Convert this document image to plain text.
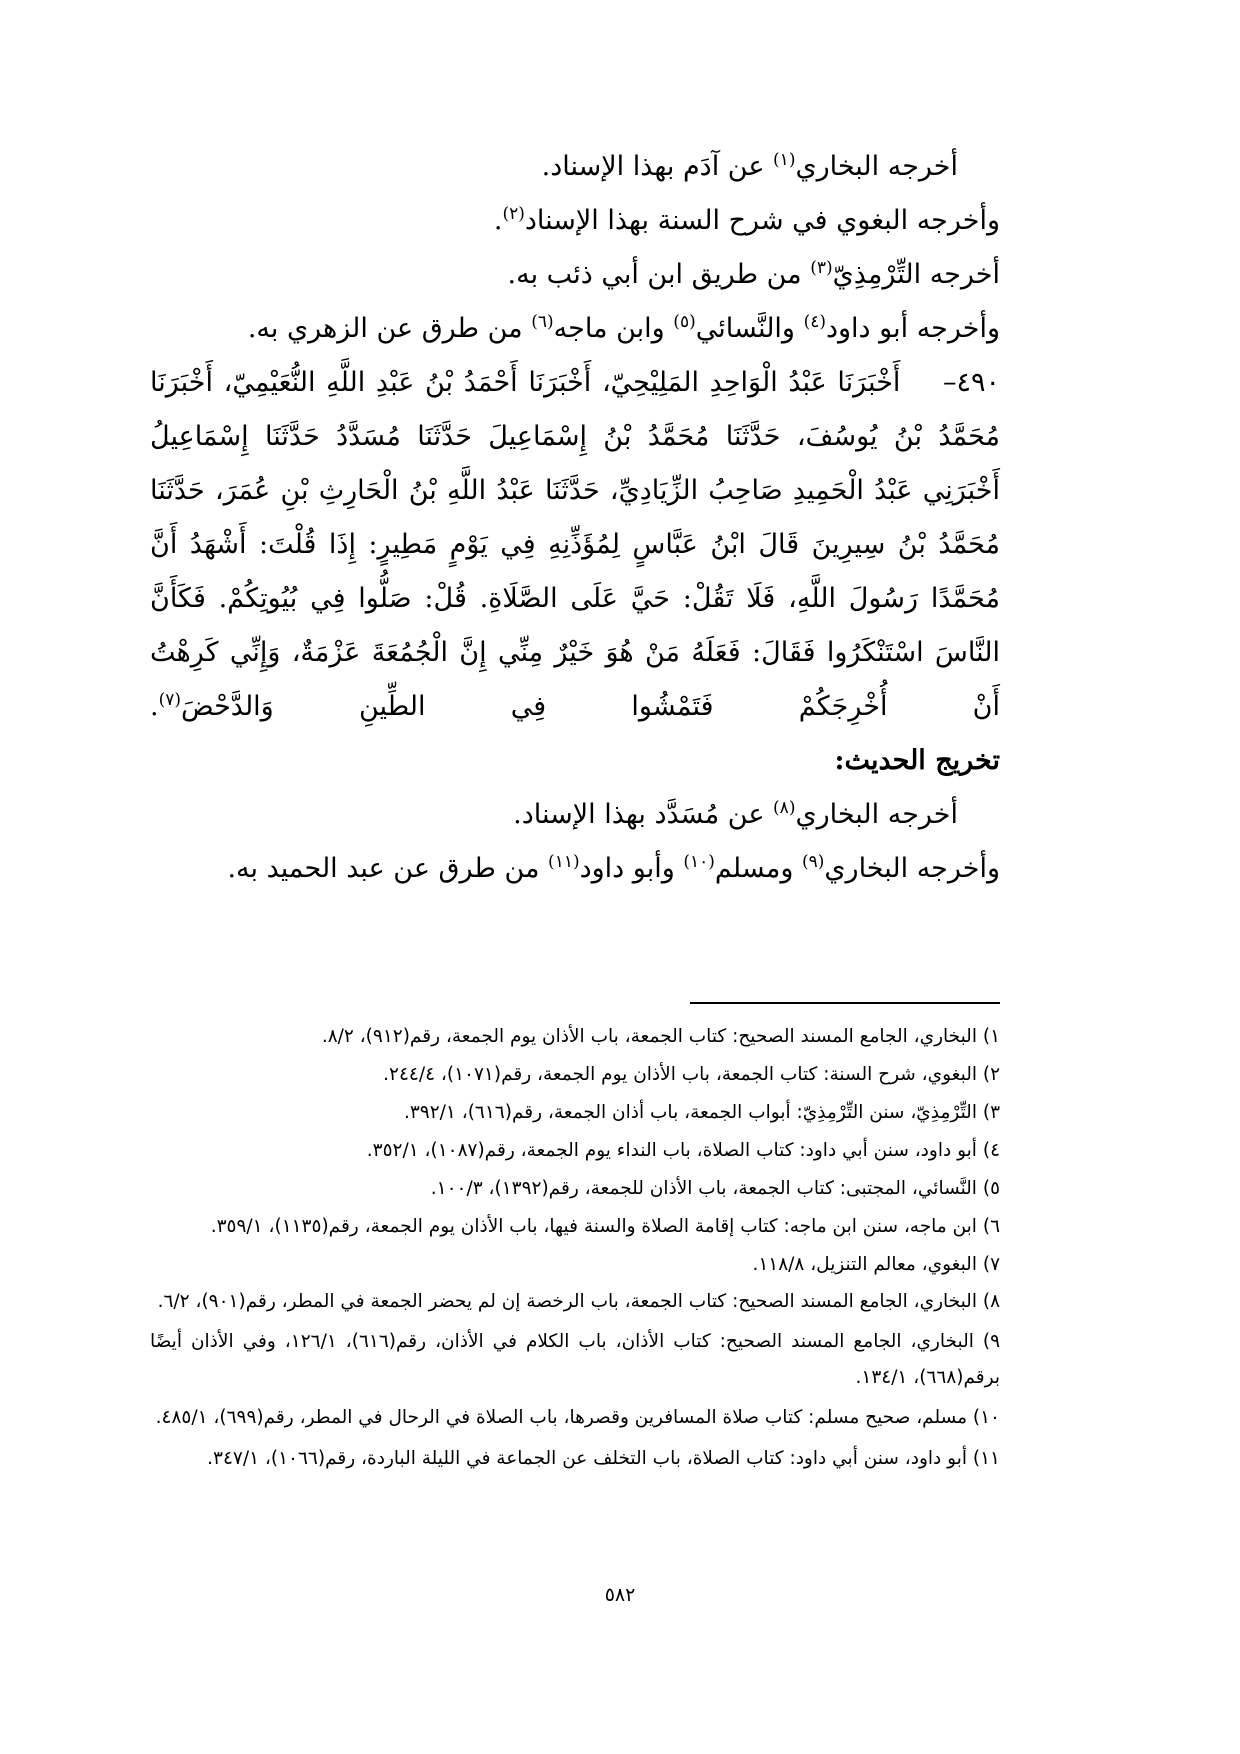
أخرجه البخاري$^{(١)}$ عن آدَم بهذا الإسناد.
وأخرجه البغوي في شرح السنة بهذا الإسناد$^{(٢)}$.
أخرجه التِّرْمِذِيّ$^{(٣)}$ من طريق ابن أبي ذئب به.
وأخرجه أبو داود$^{(٤)}$ والنَّسائي$^{(٥)}$ وابن ماجه$^{(٦)}$ من طرق عن الزهري به.
٤٩٠–    أَخْبَرَنَا عَبْدُ الْوَاحِدِ المَلِيْحِيّ، أَخْبَرَنَا أَحْمَدُ بْنُ عَبْدِ اللَّهِ النُّعَيْمِيّ، أَخْبَرَنَا مُحَمَّدُ بْنُ يُوسُفَ، حَدَّثَنَا مُحَمَّدُ بْنُ إِسْمَاعِيلَ حَدَّثَنَا مُسَدَّدُ حَدَّثَنَا إِسْمَاعِيلُ أَخْبَرَنِي عَبْدُ الْحَمِيدِ صَاحِبُ الزِّيَادِيِّ، حَدَّثَنَا عَبْدُ اللَّهِ بْنُ الْحَارِثِ بْنِ عُمَرَ، حَدَّثَنَا مُحَمَّدُ بْنُ سِيرِينَ قَالَ ابْنُ عَبَّاسٍ لِمُؤَذِّنِهِ فِي يَوْمٍ مَطِيرٍ: إِذَا قُلْتَ: أَشْهَدُ أَنَّ مُحَمَّدًا رَسُولَ اللَّهِ، فَلَا تَقُلْ: حَيَّ عَلَى الصَّلَاةِ. قُلْ: صَلُّوا فِي بُيُوتِكُمْ. فَكَأَنَّ النَّاسَ اسْتَنْكَرُوا فَقَالَ: فَعَلَهُ مَنْ هُوَ خَيْرٌ مِنِّي إِنَّ الْجُمُعَةَ عَزْمَةٌ، وَإِنِّي كَرِهْتُ أَنْ أُخْرِجَكُمْ فَتَمْشُوا فِي الطِّينِ وَالدَّحْضَ$^{(٧)}$.
تخريج الحديث:
أخرجه البخاري$^{(٨)}$ عن مُسَدَّد بهذا الإسناد.
وأخرجه البخاري$^{(٩)}$ ومسلم$^{(١٠)}$ وأبو داود$^{(١١)}$ من طرق عن عبد الحميد به.
١) البخاري، الجامع المسند الصحيح: كتاب الجمعة، باب الأذان يوم الجمعة، رقم(٩١٢)، ٨/٢.
٢) البغوي، شرح السنة: كتاب الجمعة، باب الأذان يوم الجمعة، رقم(١٠٧١)، ٢٤٤/٤.
٣) التِّرْمِذِيّ، سنن التِّرْمِذِيّ: أبواب الجمعة، باب أذان الجمعة، رقم(٦١٦)، ٣٩٢/١.
٤) أبو داود، سنن أبي داود: كتاب الصلاة، باب النداء يوم الجمعة، رقم(١٠٨٧)، ٣٥٢/١.
٥) النَّسائي، المجتبى: كتاب الجمعة، باب الأذان للجمعة، رقم(١٣٩٢)، ١٠٠/٣.
٦) ابن ماجه، سنن ابن ماجه: كتاب إقامة الصلاة والسنة فيها، باب الأذان يوم الجمعة، رقم(١١٣٥)، ٣٥٩/١.
٧) البغوي، معالم التنزيل، ١١٨/٨.
٨) البخاري، الجامع المسند الصحيح: كتاب الجمعة، باب الرخصة إن لم يحضر الجمعة في المطر، رقم(٩٠١)، ٦/٢.
٩) البخاري، الجامع المسند الصحيح: كتاب الأذان، باب الكلام في الأذان، رقم(٦١٦)، ١٢٦/١، وفي الأذان أيضًا برقم(٦٦٨)، ١٣٤/١.
١٠) مسلم، صحيح مسلم: كتاب صلاة المسافرين وقصرها، باب الصلاة في الرحال في المطر، رقم(٦٩٩)، ٤٨٥/١.
١١) أبو داود، سنن أبي داود: كتاب الصلاة، باب التخلف عن الجماعة في الليلة الباردة، رقم(١٠٦٦)، ٣٤٧/١.
٥٨٢
